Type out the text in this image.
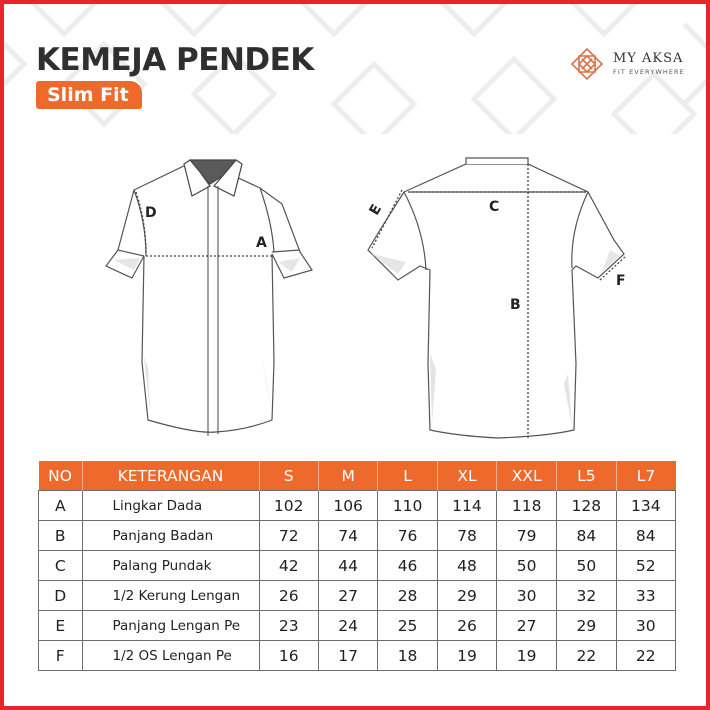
KEMEJA PENDEK
Slim Fit
MY AKSA
FIT EVERYWHERE
D
A
C
B
E
F
NO	KETERANGAN	S	M	L	XL	XXL	L5	L7
A	Lingkar Dada	102	106	110	114	118	128	134
B	Panjang Badan	72	74	76	78	79	84	84
C	Palang Pundak	42	44	46	48	50	50	52
D	1/2 Kerung Lengan	26	27	28	29	30	32	33
E	Panjang Lengan Pe	23	24	25	26	27	29	30
F	1/2 OS Lengan Pe	16	17	18	19	19	22	22
